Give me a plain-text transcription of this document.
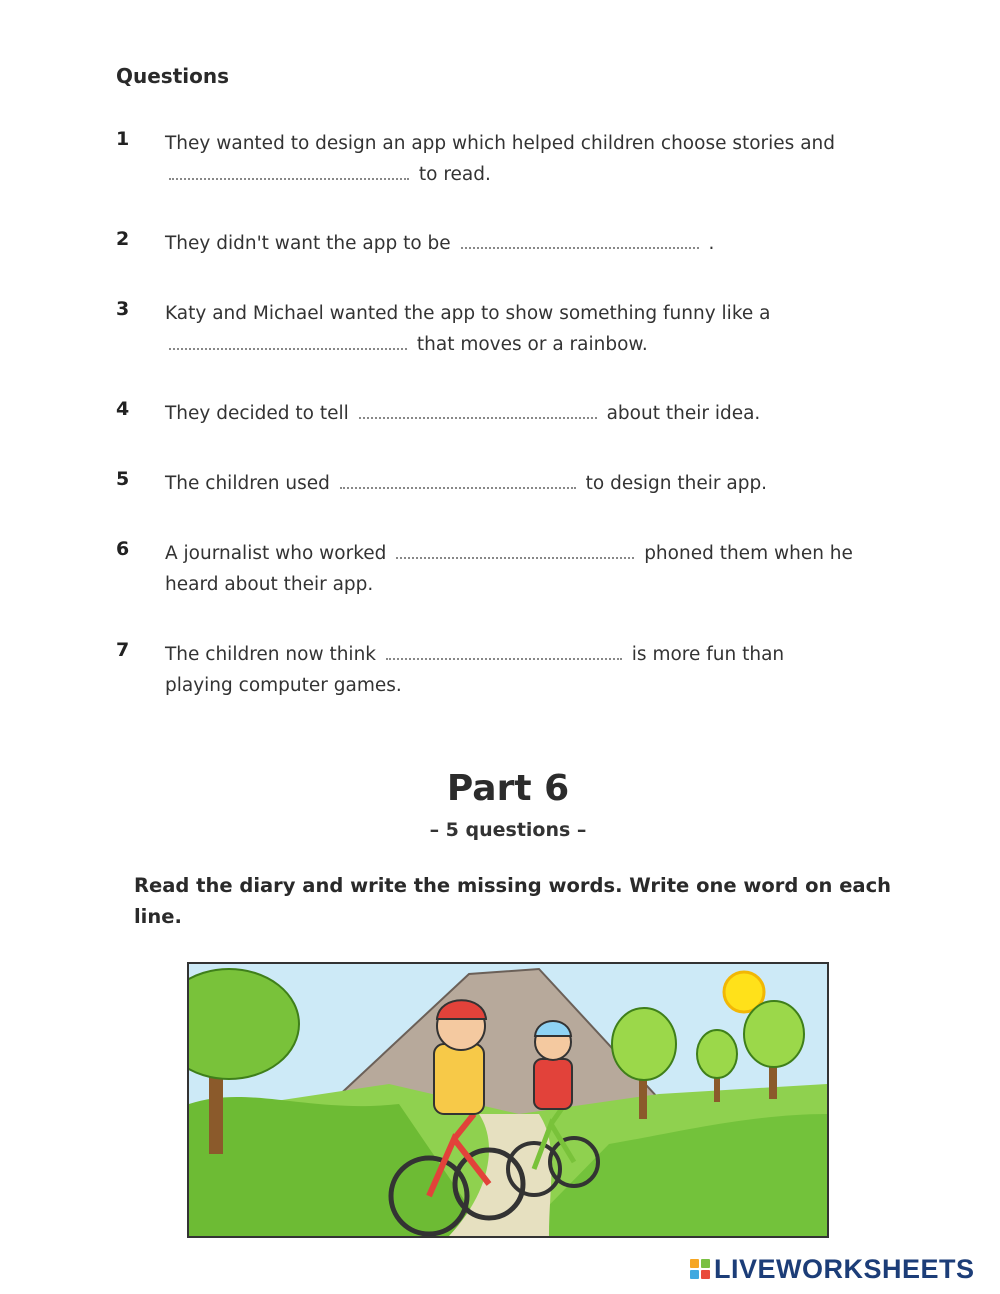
Questions
1 They wanted to design an app which helped children choose stories and  to read.
2 They didn't want the app to be	.
3 Katy and Michael wanted the app to show something funny like a  that moves or a rainbow.
4 They decided to tell	about their idea.
5 The children used	to design their app.
6 A journalist who worked	phoned them when he heard about their app.
7 The children now think	is more fun than playing computer games.
Part 6
– 5 questions –
Read the diary and write the missing words. Write one word on each line.
LIVEWORKSHEETS
